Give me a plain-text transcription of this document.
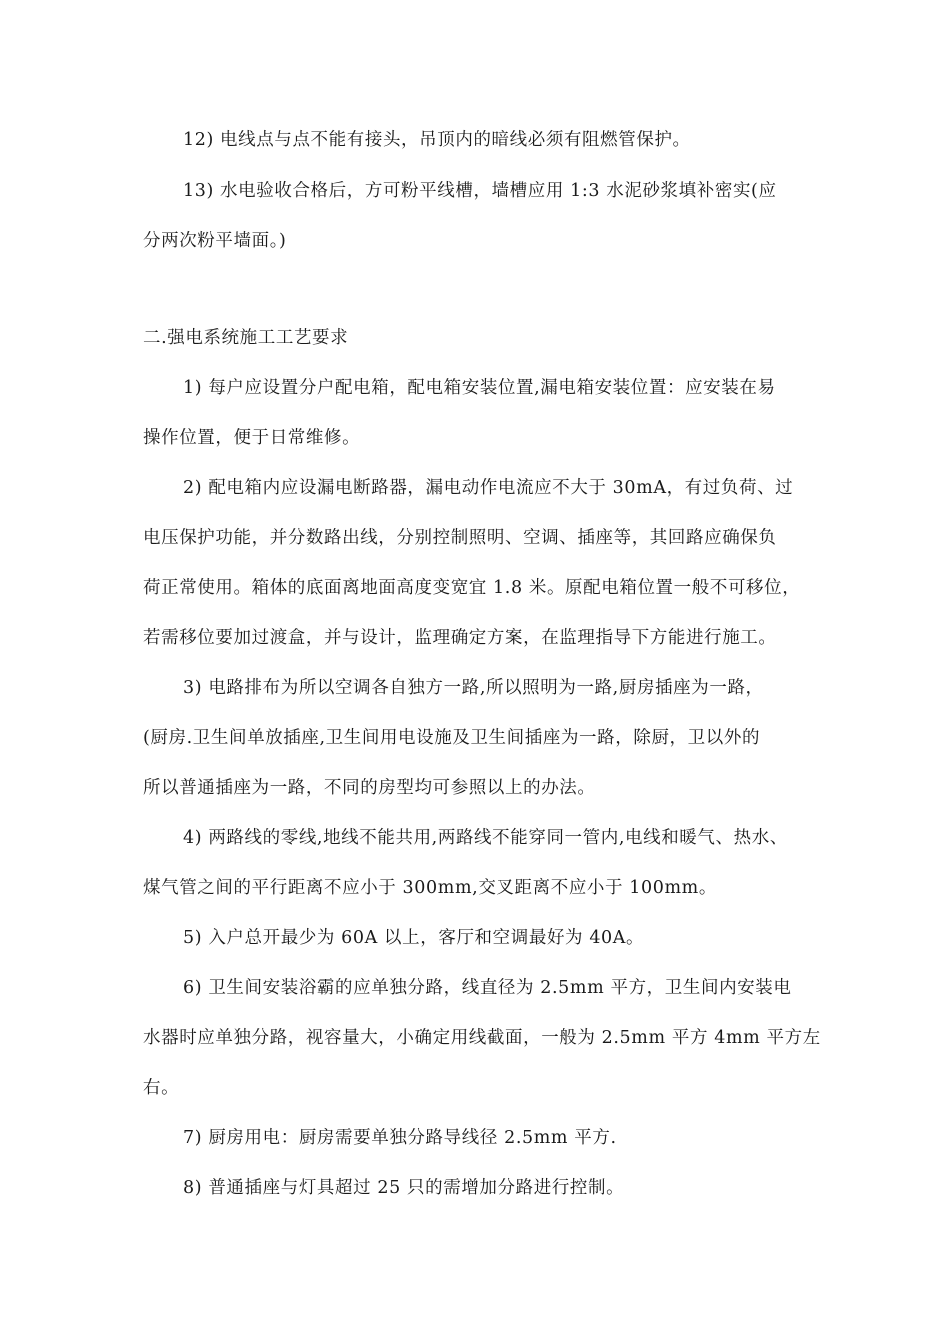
12) 电线点与点不能有接头，吊顶内的暗线必须有阻燃管保护。
13) 水电验收合格后，方可粉平线槽，墙槽应用 1:3 水泥砂浆填补密实(应
分两次粉平墙面。)
二.强电系统施工工艺要求
1) 每户应设置分户配电箱，配电箱安装位置,漏电箱安装位置：应安装在易
操作位置，便于日常维修。
2) 配电箱内应设漏电断路器，漏电动作电流应不大于 30mA，有过负荷、过
电压保护功能，并分数路出线，分别控制照明、空调、插座等，其回路应确保负
荷正常使用。箱体的底面离地面高度变宽宜 1.8 米。原配电箱位置一般不可移位，
若需移位要加过渡盒，并与设计，监理确定方案，在监理指导下方能进行施工。
3) 电路排布为所以空调各自独方一路,所以照明为一路,厨房插座为一路，
(厨房.卫生间单放插座,卫生间用电设施及卫生间插座为一路，除厨，卫以外的
所以普通插座为一路，不同的房型均可参照以上的办法。
4) 两路线的零线,地线不能共用,两路线不能穿同一管内,电线和暖气、热水、
煤气管之间的平行距离不应小于 300mm,交叉距离不应小于 100mm。
5) 入户总开最少为 60A 以上，客厅和空调最好为 40A。
6) 卫生间安装浴霸的应单独分路，线直径为 2.5mm 平方，卫生间内安装电
水器时应单独分路，视容量大，小确定用线截面，一般为 2.5mm 平方 4mm 平方左
右。
7) 厨房用电：厨房需要单独分路导线径 2.5mm 平方.
8) 普通插座与灯具超过 25 只的需增加分路进行控制。
